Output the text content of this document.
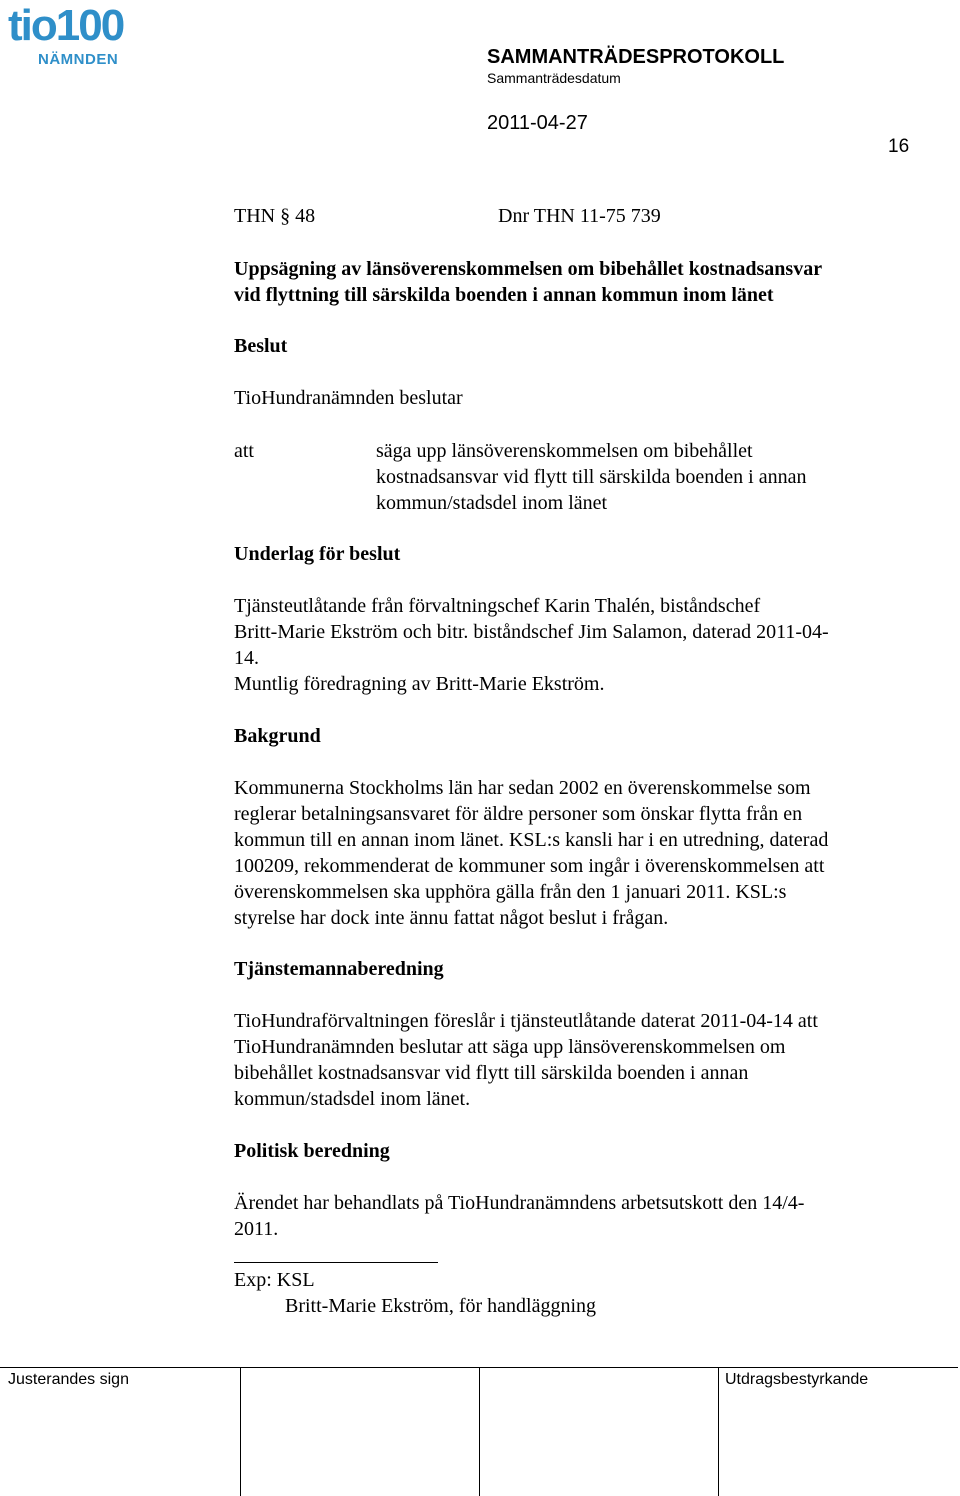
tio100
NÄMNDEN	SAMMANTRÄDESPROTOKOLL
Sammanträdesdatum
2011-04-27
16
THN § 48	Dnr THN 11-75 739
Uppsägning av länsöverenskommelsen om bibehållet kostnadsansvar
vid flyttning till särskilda boenden i annan kommun inom länet
Beslut
TioHundranämnden beslutar
att	säga upp länsöverenskommelsen om bibehållet
kostnadsansvar vid flytt till särskilda boenden i annan
kommun/stadsdel inom länet
Underlag för beslut
Tjänsteutlåtande från förvaltningschef Karin Thalén, biståndschef
Britt-Marie Ekström och bitr. biståndschef Jim Salamon, daterad 2011-04-
14.
Muntlig föredragning av Britt-Marie Ekström.
Bakgrund
Kommunerna Stockholms län har sedan 2002 en överenskommelse som
reglerar betalningsansvaret för äldre personer som önskar flytta från en
kommun till en annan inom länet. KSL:s kansli har i en utredning, daterad
100209, rekommenderat de kommuner som ingår i överenskommelsen att
överenskommelsen ska upphöra gälla från den 1 januari 2011. KSL:s
styrelse har dock inte ännu fattat något beslut i frågan.
Tjänstemannaberedning
TioHundraförvaltningen föreslår i tjänsteutlåtande daterat 2011-04-14 att
TioHundranämnden beslutar att säga upp länsöverenskommelsen om
bibehållet kostnadsansvar vid flytt till särskilda boenden i annan
kommun/stadsdel inom länet.
Politisk beredning
Ärendet har behandlats på TioHundranämndens arbetsutskott den 14/4-
2011.
Exp: KSL
Britt-Marie Ekström, för handläggning
Justerandes sign	Utdragsbestyrkande
